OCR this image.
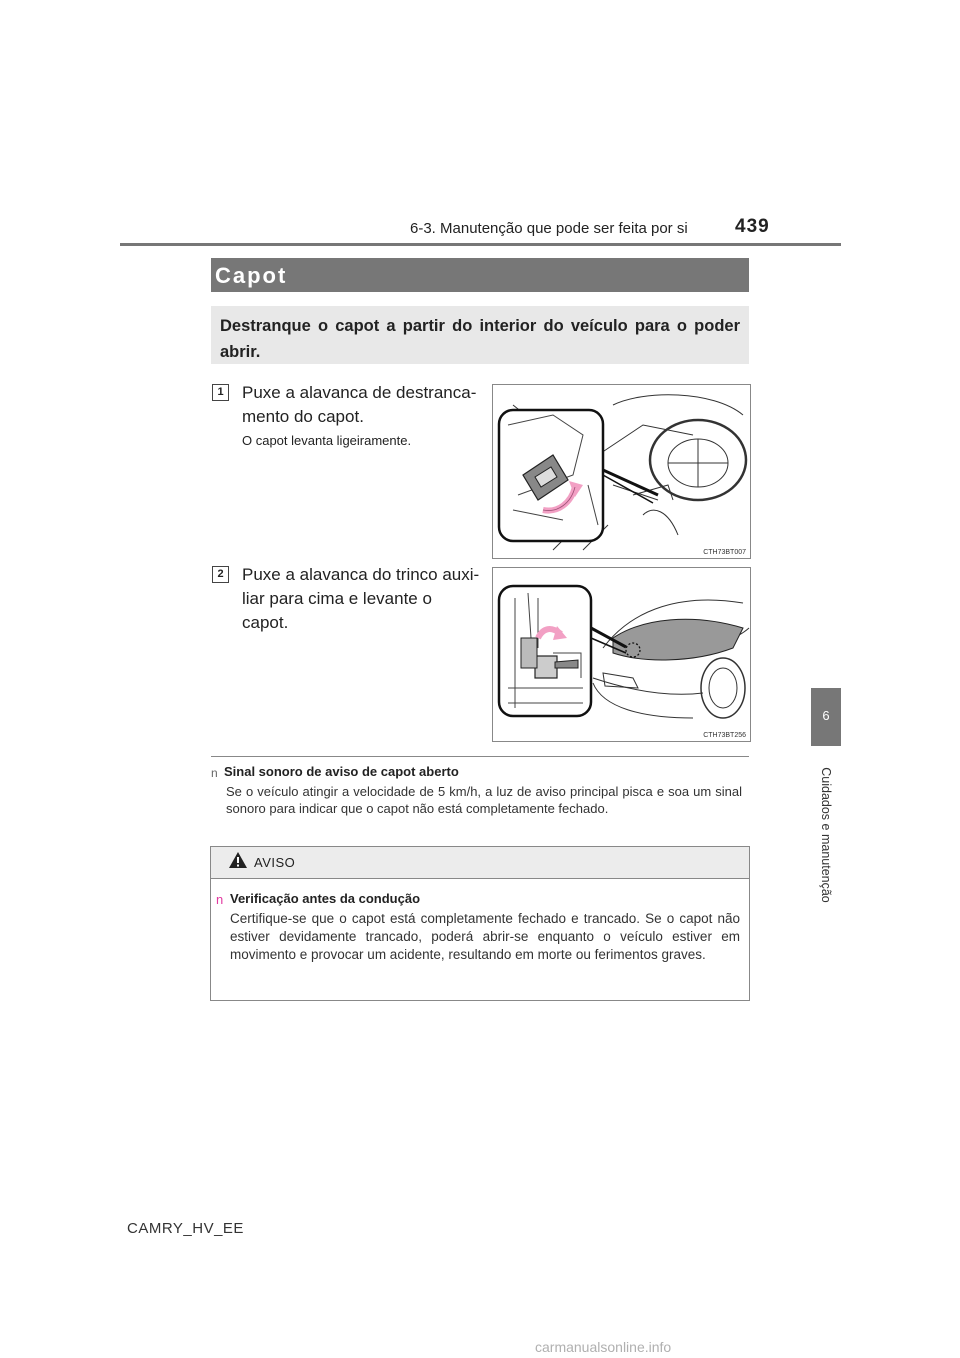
6-3. Manutenção que pode ser feita por si 439
Capot
Destranque o capot a partir do interior do veículo para o poder abrir.
1	Puxe a alavanca de destranca-mento do capot.
O capot levanta ligeiramente.
CTH73BT007
2	Puxe a alavanca do trinco auxi-liar para cima e levante o capot.
CTH73BT256
n Sinal sonoro de aviso de capot aberto
Se o veículo atingir a velocidade de 5 km/h, a luz de aviso principal pisca e soa um sinal sonoro para indicar que o capot não está completamente fechado.
AVISO
n Verificação antes da condução
Certifique-se que o capot está completamente fechado e trancado. Se o capot não estiver devidamente trancado, poderá abrir-se enquanto o veículo estiver em movimento e provocar um acidente, resultando em morte ou ferimentos graves.
6
Cuidados e manutenção
CAMRY_HV_EE
carmanualsonline.info
